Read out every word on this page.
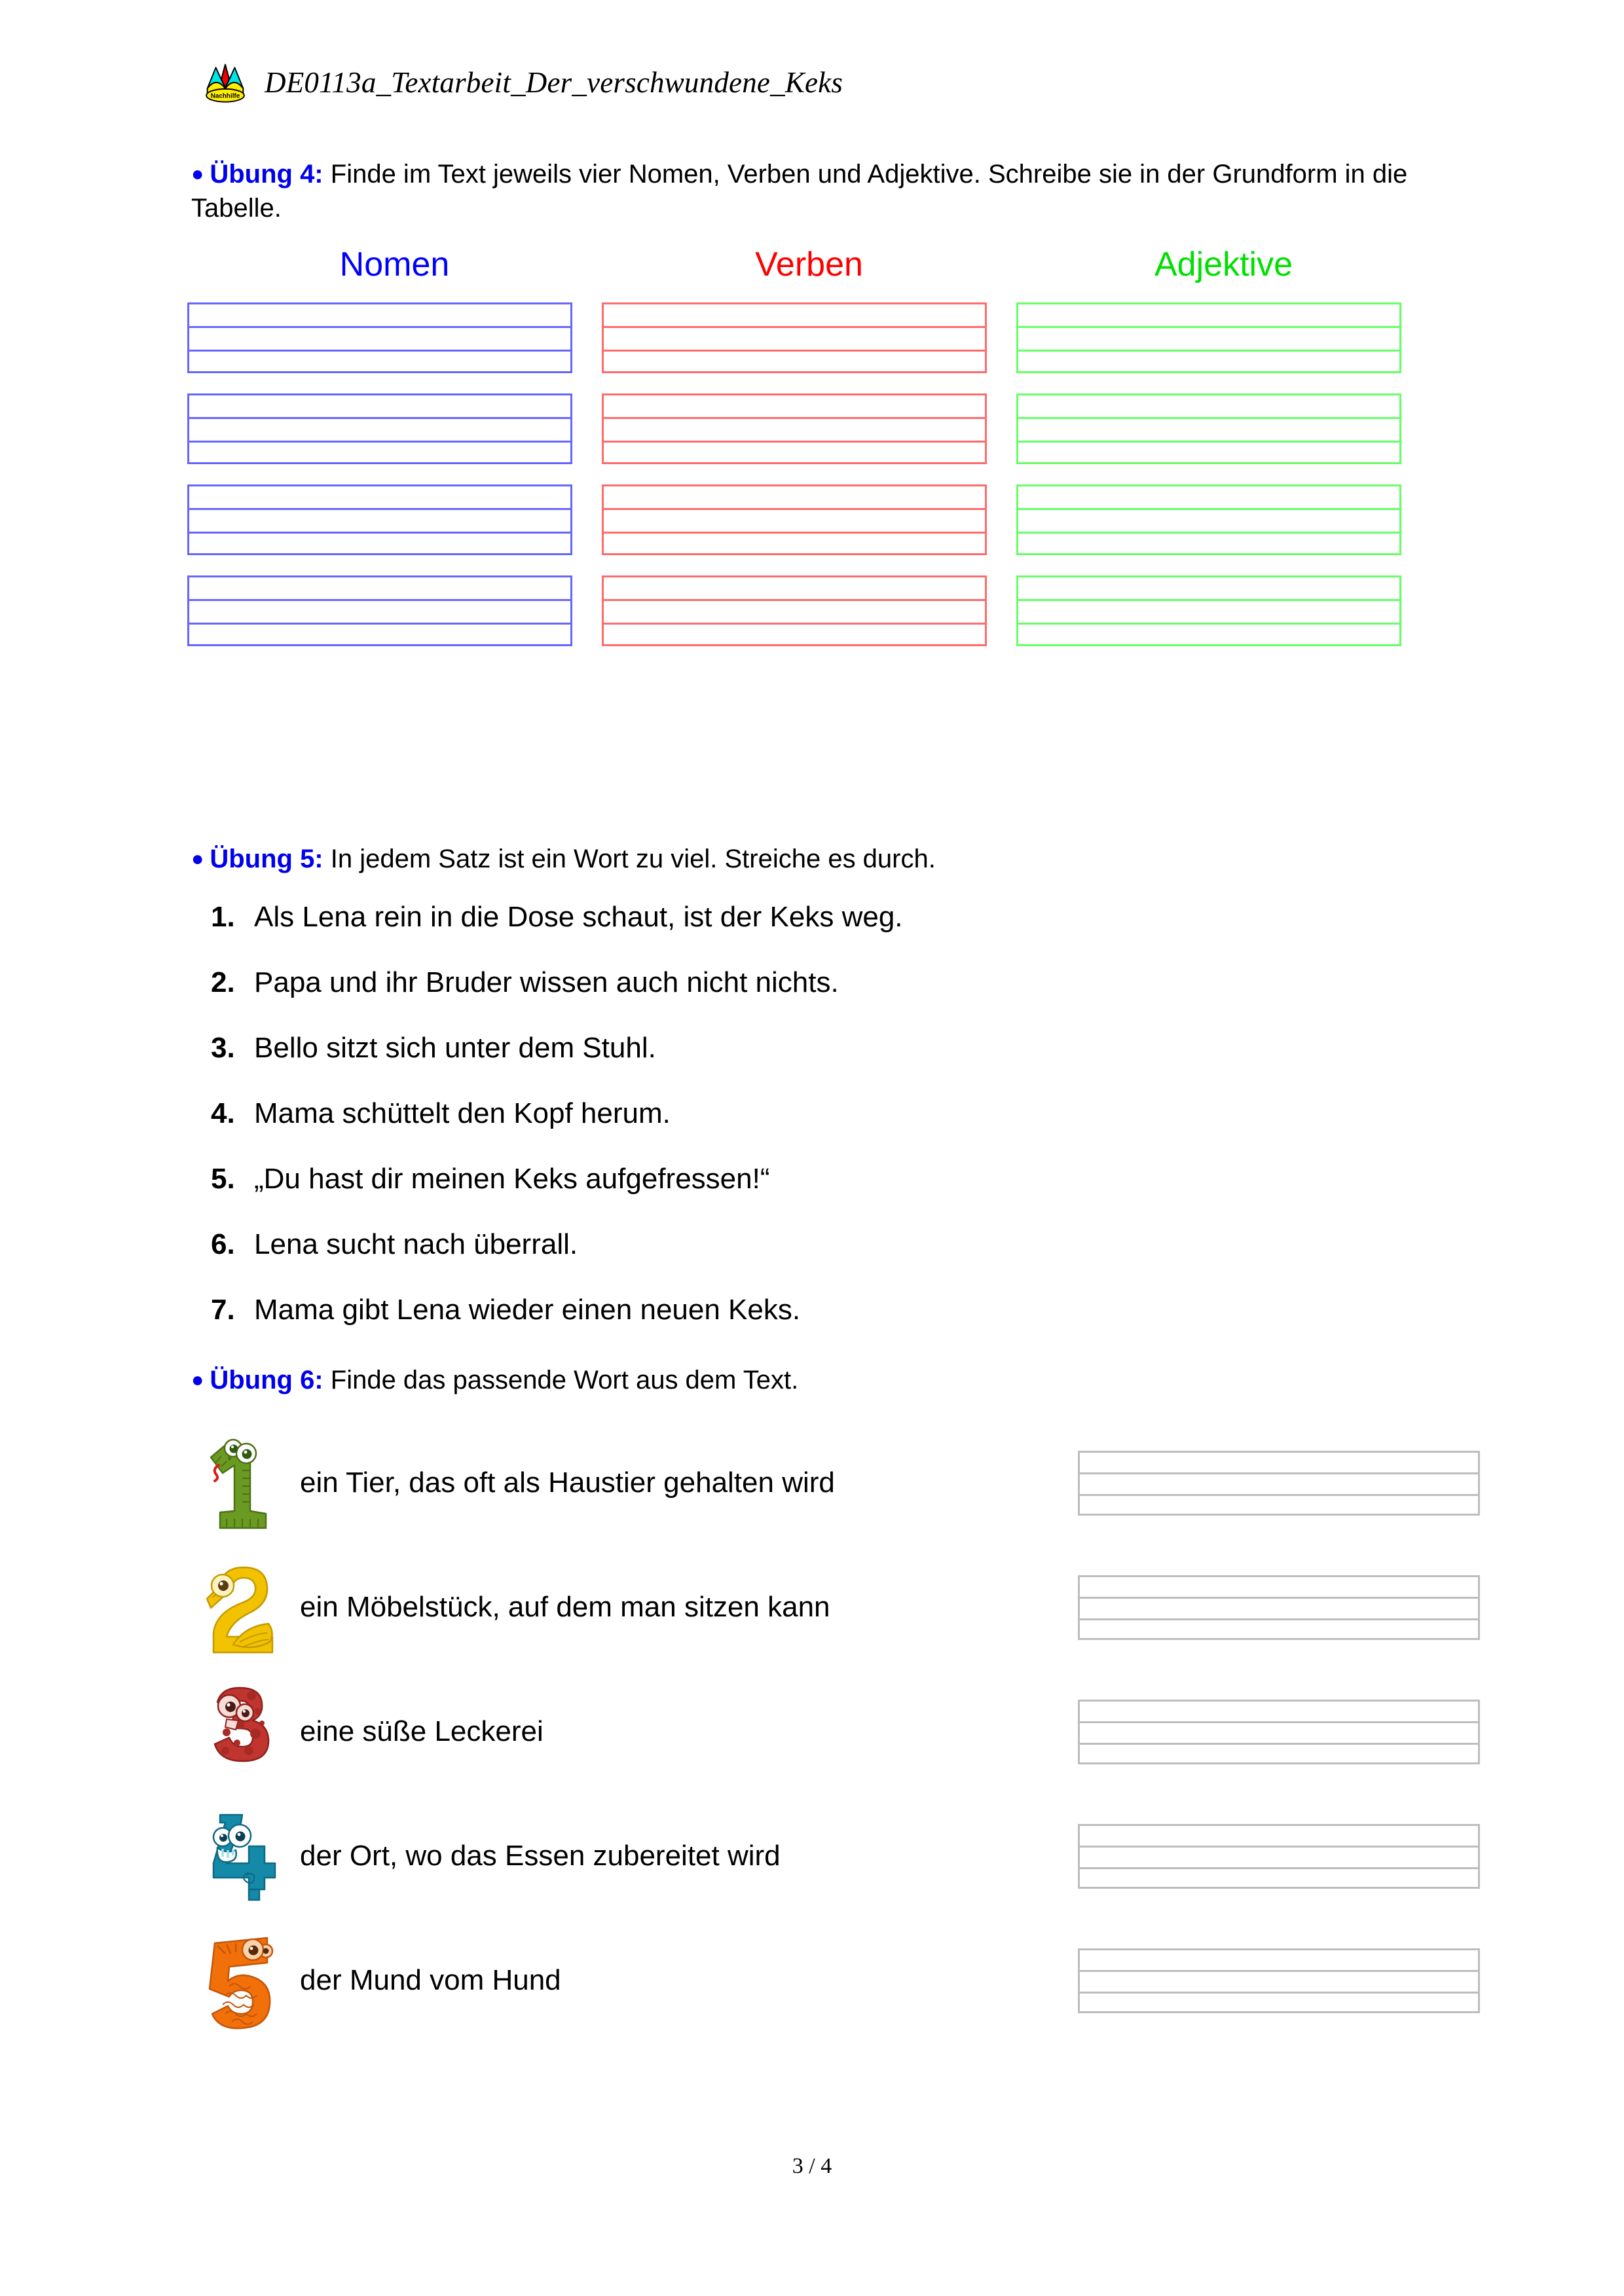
Nachhilfe DE0113a_Textarbeit_Der_verschwundene_Keks
● Übung 4: Finde im Text jeweils vier Nomen, Verben und Adjektive. Schreibe sie in der Grundform in die Tabelle.
Nomen	Verben	Adjektive
● Übung 5: In jedem Satz ist ein Wort zu viel. Streiche es durch.
1. Als Lena rein in die Dose schaut, ist der Keks weg.
2. Papa und ihr Bruder wissen auch nicht nichts.
3. Bello sitzt sich unter dem Stuhl.
4. Mama schüttelt den Kopf herum.
5. „Du hast dir meinen Keks aufgefressen!“
6. Lena sucht nach überrall.
7. Mama gibt Lena wieder einen neuen Keks.
● Übung 6: Finde das passende Wort aus dem Text.
ein Tier, das oft als Haustier gehalten wird
ein Möbelstück, auf dem man sitzen kann
eine süße Leckerei
der Ort, wo das Essen zubereitet wird
der Mund vom Hund
3 / 4
